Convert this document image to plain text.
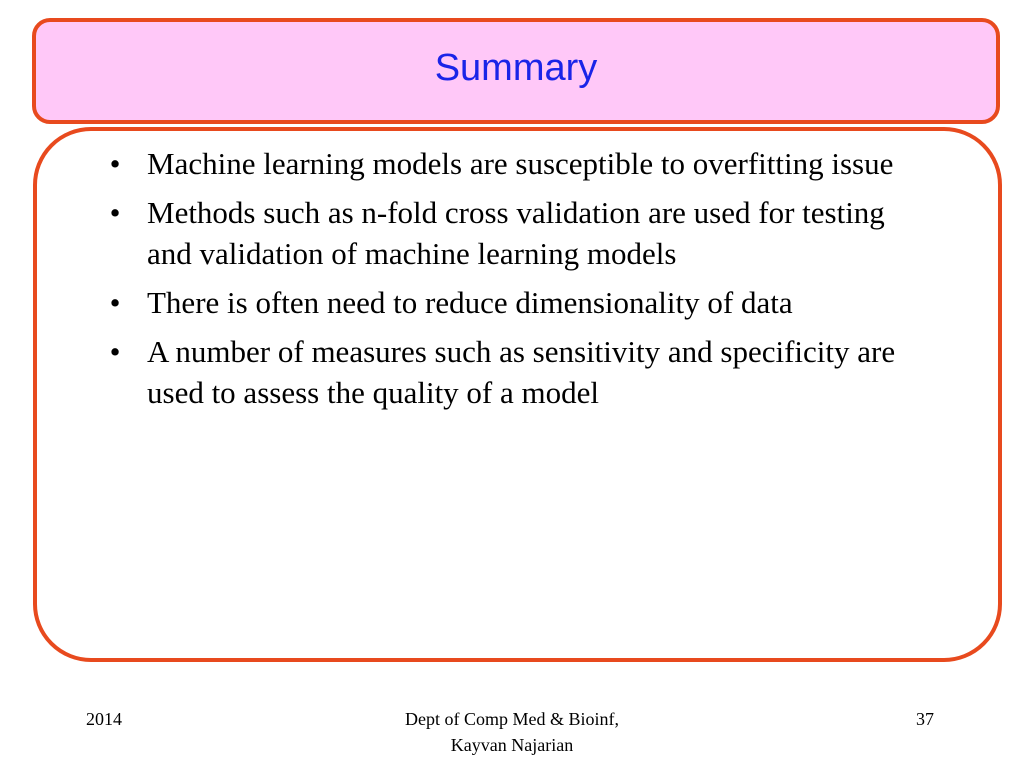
Summary
• Machine learning models are susceptible to overfitting issue
• Methods such as n-fold cross validation are used for testing and validation of machine learning models
• There is often need to reduce dimensionality of data
• A number of measures such as sensitivity and specificity are used to assess the quality of a model
2014	Dept of Comp Med & Bioinf,
Kayvan Najarian
37
